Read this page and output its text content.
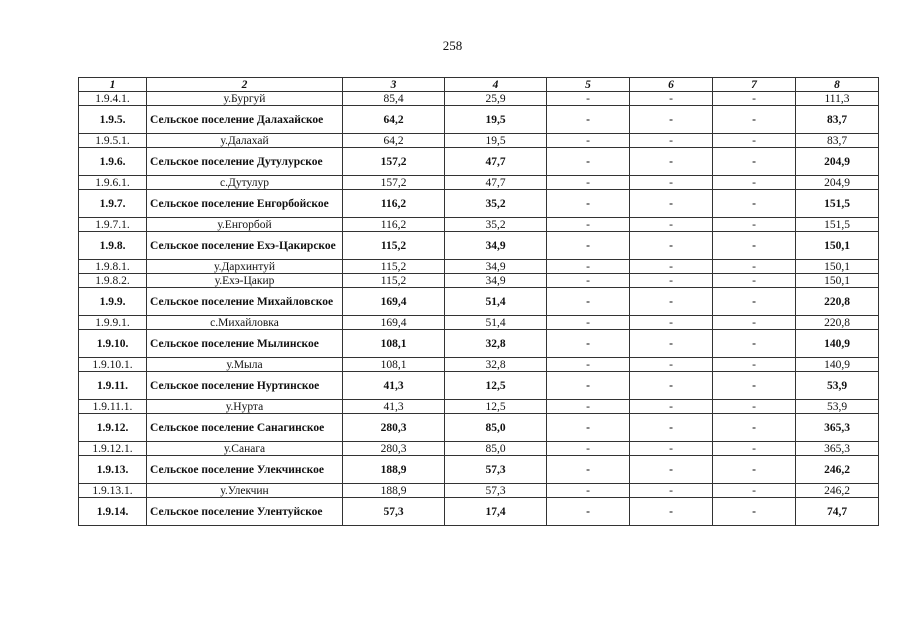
258
1	2	3	4	5	6	7	8
1.9.4.1.	у.Бургуй	85,4	25,9	-	-	-	111,3
1.9.5.	Сельское поселение Далахайское	64,2	19,5	-	-	-	83,7
1.9.5.1.	у.Далахай	64,2	19,5	-	-	-	83,7
1.9.6.	Сельское поселение Дутулурское	157,2	47,7	-	-	-	204,9
1.9.6.1.	с.Дутулур	157,2	47,7	-	-	-	204,9
1.9.7.	Сельское поселение Енгорбойское	116,2	35,2	-	-	-	151,5
1.9.7.1.	у.Енгорбой	116,2	35,2	-	-	-	151,5
1.9.8.	Сельское поселение Ехэ-Цакирское	115,2	34,9	-	-	-	150,1
1.9.8.1.	у.Дархинтуй	115,2	34,9	-	-	-	150,1
1.9.8.2.	у.Ехэ-Цакир	115,2	34,9	-	-	-	150,1
1.9.9.	Сельское поселение Михайловское	169,4	51,4	-	-	-	220,8
1.9.9.1.	с.Михайловка	169,4	51,4	-	-	-	220,8
1.9.10.	Сельское поселение Мылинское	108,1	32,8	-	-	-	140,9
1.9.10.1.	у.Мыла	108,1	32,8	-	-	-	140,9
1.9.11.	Сельское поселение Нуртинское	41,3	12,5	-	-	-	53,9
1.9.11.1.	у.Нурта	41,3	12,5	-	-	-	53,9
1.9.12.	Сельское поселение Санагинское	280,3	85,0	-	-	-	365,3
1.9.12.1.	у.Санага	280,3	85,0	-	-	-	365,3
1.9.13.	Сельское поселение Улекчинское	188,9	57,3	-	-	-	246,2
1.9.13.1.	у.Улекчин	188,9	57,3	-	-	-	246,2
1.9.14.	Сельское поселение Улентуйское	57,3	17,4	-	-	-	74,7
